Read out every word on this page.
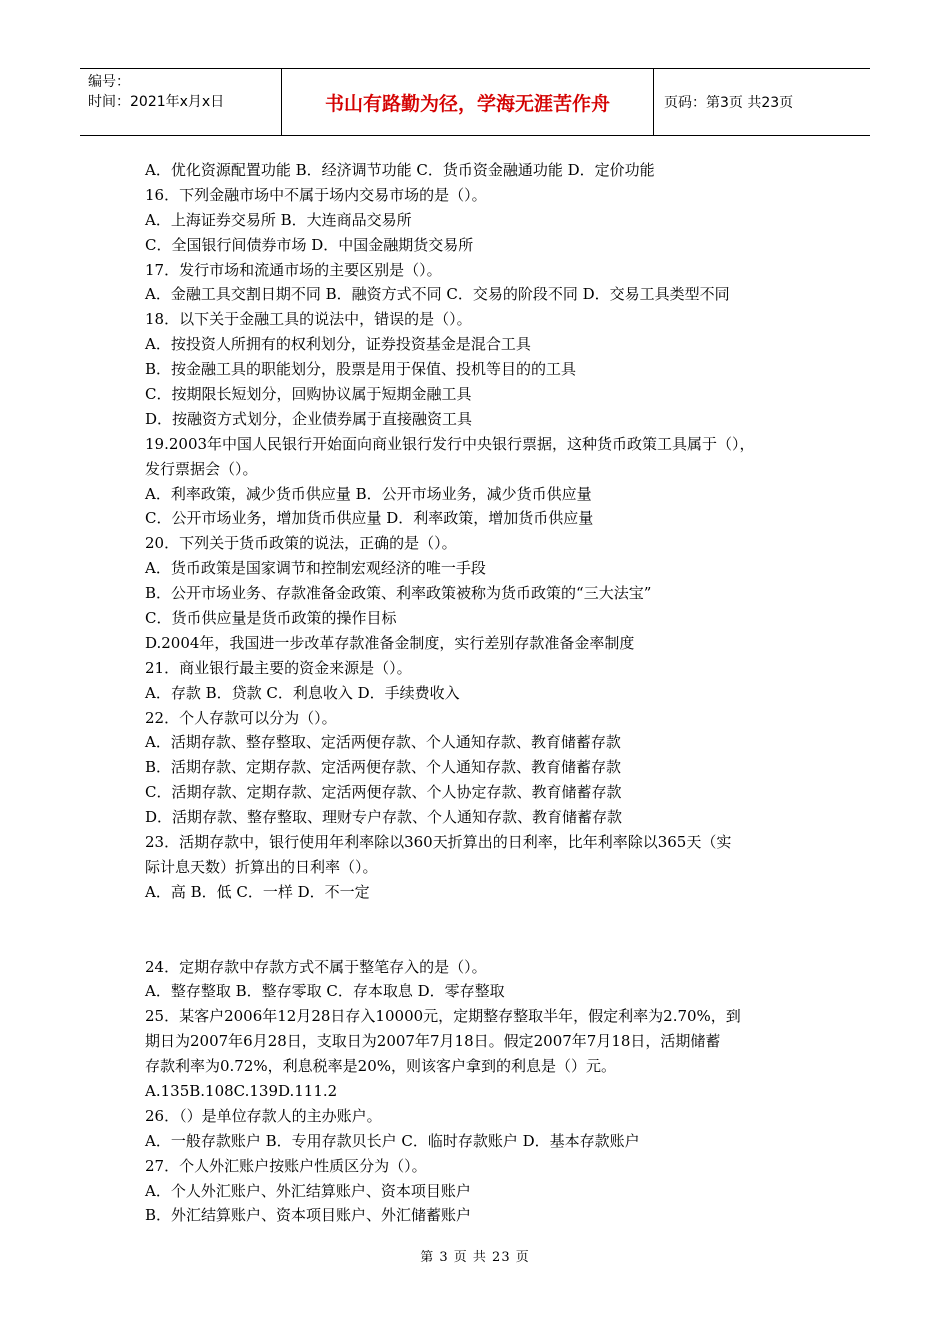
编号：
时间：2021年x月x日	书山有路勤为径，学海无涯苦作舟	页码：第3页 共23页
A．优化资源配置功能 B．经济调节功能 C．货币资金融通功能 D．定价功能
16．下列金融市场中不属于场内交易市场的是（）。
A．上海证券交易所 B．大连商品交易所
C．全国银行间债券市场 D．中国金融期货交易所
17．发行市场和流通市场的主要区别是（）。
A．金融工具交割日期不同 B．融资方式不同 C．交易的阶段不同 D．交易工具类型不同
18．以下关于金融工具的说法中，错误的是（）。
A．按投资人所拥有的权利划分，证券投资基金是混合工具
B．按金融工具的职能划分，股票是用于保值、投机等目的的工具
C．按期限长短划分，回购协议属于短期金融工具
D．按融资方式划分，企业债券属于直接融资工具
19.2003年中国人民银行开始面向商业银行发行中央银行票据，这种货币政策工具属于（），
发行票据会（）。
A．利率政策，减少货币供应量 B．公开市场业务，减少货币供应量
C．公开市场业务，增加货币供应量 D．利率政策，增加货币供应量
20．下列关于货币政策的说法，正确的是（）。
A．货币政策是国家调节和控制宏观经济的唯一手段
B．公开市场业务、存款准备金政策、利率政策被称为货币政策的“三大法宝”
C．货币供应量是货币政策的操作目标
D.2004年，我国进一步改革存款准备金制度，实行差别存款准备金率制度
21．商业银行最主要的资金来源是（）。
A．存款 B．贷款 C．利息收入 D．手续费收入
22．个人存款可以分为（）。
A．活期存款、整存整取、定活两便存款、个人通知存款、教育储蓄存款
B．活期存款、定期存款、定活两便存款、个人通知存款、教育储蓄存款
C．活期存款、定期存款、定活两便存款、个人协定存款、教育储蓄存款
D．活期存款、整存整取、理财专户存款、个人通知存款、教育储蓄存款
23．活期存款中，银行使用年利率除以360天折算出的日利率，比年利率除以365天（实
际计息天数）折算出的日利率（）。
A．高 B．低 C．一样 D．不一定
24．定期存款中存款方式不属于整笔存入的是（）。
A．整存整取 B．整存零取 C．存本取息 D．零存整取
25．某客户2006年12月28日存入10000元，定期整存整取半年，假定利率为2.70%，到
期日为2007年6月28日，支取日为2007年7月18日。假定2007年7月18日，活期储蓄
存款利率为0.72%，利息税率是20%，则该客户拿到的利息是（）元。
A.135B.108C.139D.111.2
26．（）是单位存款人的主办账户。
A．一般存款账户 B．专用存款贝长户 C．临时存款账户 D．基本存款账户
27．个人外汇账户按账户性质区分为（）。
A．个人外汇账户、外汇结算账户、资本项目账户
B．外汇结算账户、资本项目账户、外汇储蓄账户
第 3 页 共 23 页
